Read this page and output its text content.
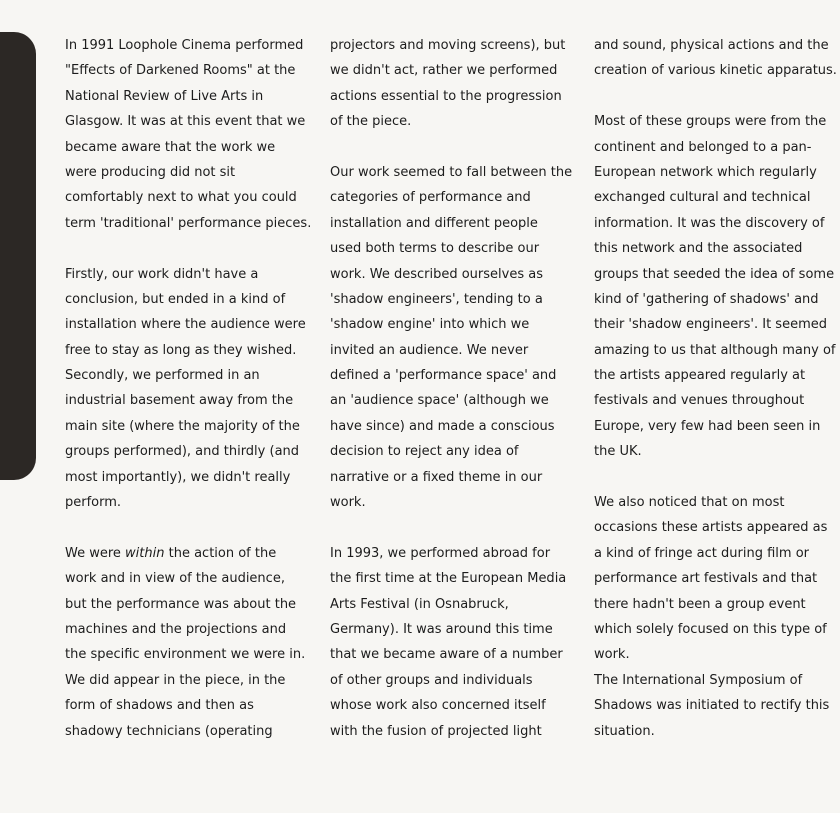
In 1991 Loophole Cinema performed
"Effects of Darkened Rooms" at the
National Review of Live Arts in
Glasgow. It was at this event that we
became aware that the work we
were producing did not sit
comfortably next to what you could
term 'traditional' performance pieces.
Firstly, our work didn't have a
conclusion, but ended in a kind of
installation where the audience were
free to stay as long as they wished.
Secondly, we performed in an
industrial basement away from the
main site (where the majority of the
groups performed), and thirdly (and
most importantly), we didn't really
perform.
We were within the action of the
work and in view of the audience,
but the performance was about the
machines and the projections and
the specific environment we were in.
We did appear in the piece, in the
form of shadows and then as
shadowy technicians (operating
projectors and moving screens), but
we didn't act, rather we performed
actions essential to the progression
of the piece.
Our work seemed to fall between the
categories of performance and
installation and different people
used both terms to describe our
work. We described ourselves as
'shadow engineers', tending to a
'shadow engine' into which we
invited an audience. We never
defined a 'performance space' and
an 'audience space' (although we
have since) and made a conscious
decision to reject any idea of
narrative or a fixed theme in our
work.
In 1993, we performed abroad for
the first time at the European Media
Arts Festival (in Osnabruck,
Germany). It was around this time
that we became aware of a number
of other groups and individuals
whose work also concerned itself
with the fusion of projected light
and sound, physical actions and the
creation of various kinetic apparatus.
Most of these groups were from the
continent and belonged to a pan-
European network which regularly
exchanged cultural and technical
information. It was the discovery of
this network and the associated
groups that seeded the idea of some
kind of 'gathering of shadows' and
their 'shadow engineers'. It seemed
amazing to us that although many of
the artists appeared regularly at
festivals and venues throughout
Europe, very few had been seen in
the UK.
We also noticed that on most
occasions these artists appeared as
a kind of fringe act during film or
performance art festivals and that
there hadn't been a group event
which solely focused on this type of
work.
The International Symposium of
Shadows was initiated to rectify this
situation.
